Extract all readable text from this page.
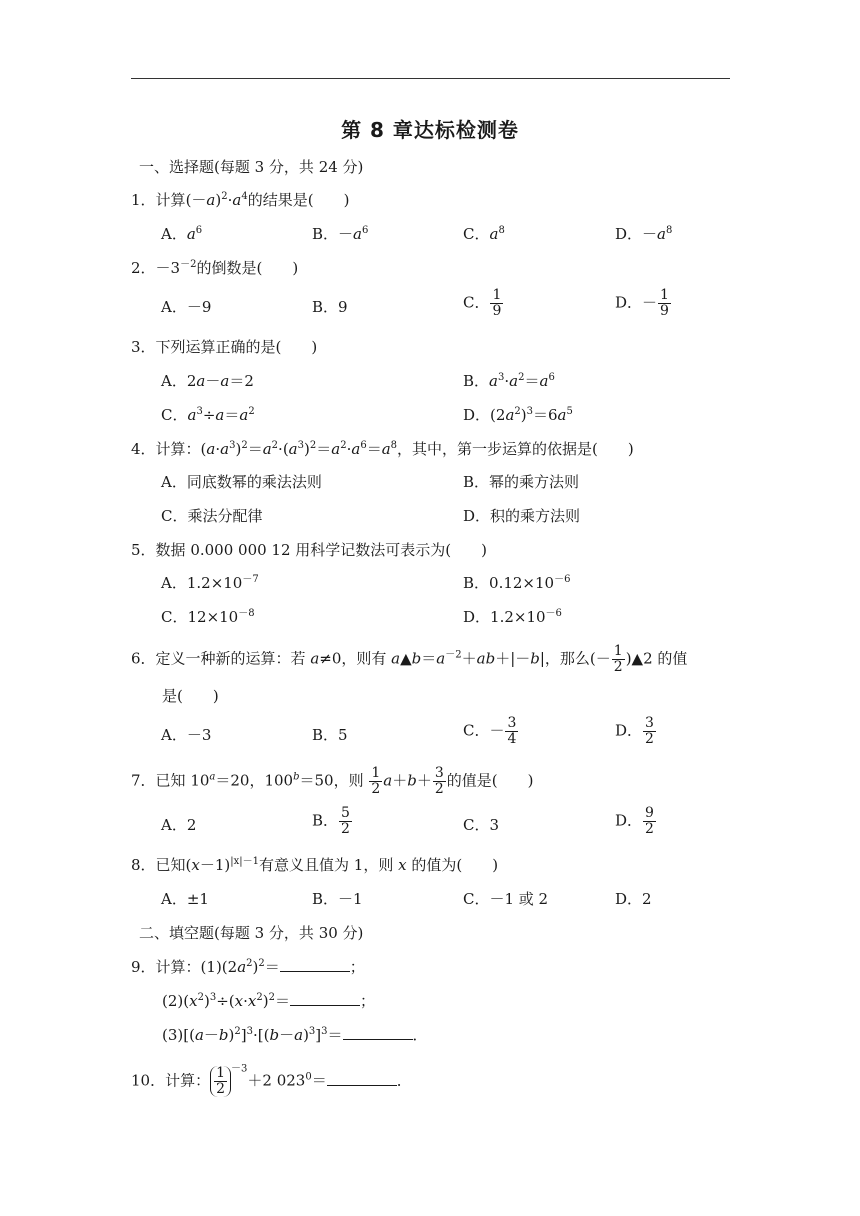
第 8 章达标检测卷
一、选择题(每题 3 分，共 24 分)
1．计算$(-a)^2\cdot a^4$的结果是(　　)
A．$a^6$	B．$-a^6$	C．$a^8$	D．$-a^8$
2．$-3^{-2}$的倒数是(　　)
A．－9	B．9	C． $\frac{1}{9}$	D．－ $\frac{1}{9}$
3．下列运算正确的是(　　)
A．2a－a＝2	B．$a^3\cdot a^2=a^6$
C．$a^3\div a=a^2$	D．$(2a^2)^3=6a^5$
4．计算：$(a\cdot a^3)^2=a^2\cdot(a^3)^2=a^2\cdot a^6=a^8$，其中，第一步运算的依据是(　　)
A．同底数幂的乘法法则	B．幂的乘方法则
C．乘法分配律	D．积的乘方法则
5．数据 0.000 000 12 用科学记数法可表示为(　　)
A．$1.2\times 10^{-7}$	B．$0.12\times 10^{-6}$
C．$12\times 10^{-8}$	D．$1.2\times 10^{-6}$
6．定义一种新的运算：若 a≠0，则有 $a▲b=a^{-2}+ab+|-b|$，那么(－ $\frac{1}{2}$ )▲2 的值
是(　　)
A．－3	B．5	C．－ $\frac{3}{4}$	D． $\frac{3}{2}$
7．已知 $10^a=20$，$100^b=50$，则 $\frac{1}{2} a+b+ \frac{3}{2}$ 的值是(　　)
A．2	B． $\frac{5}{2}$	C．3	D． $\frac{9}{2}$
8．已知$(x-1)^{|x|-1}$有意义且值为 1，则 x 的值为(　　)
A．±1	B．－1	C．－1 或 2	D．2
二、填空题(每题 3 分，共 30 分)
9．计算：$(1)(2a^2)^2=$	；
$(2)(x^2)^3\div(x\cdot x^2)^2=$	；
$(3)[(a-b)^2]^3\cdot[(b-a)^3]^3=$	．
10．计算： $\frac{1}{2} ^{-3}+2$ $023^0=$	．
